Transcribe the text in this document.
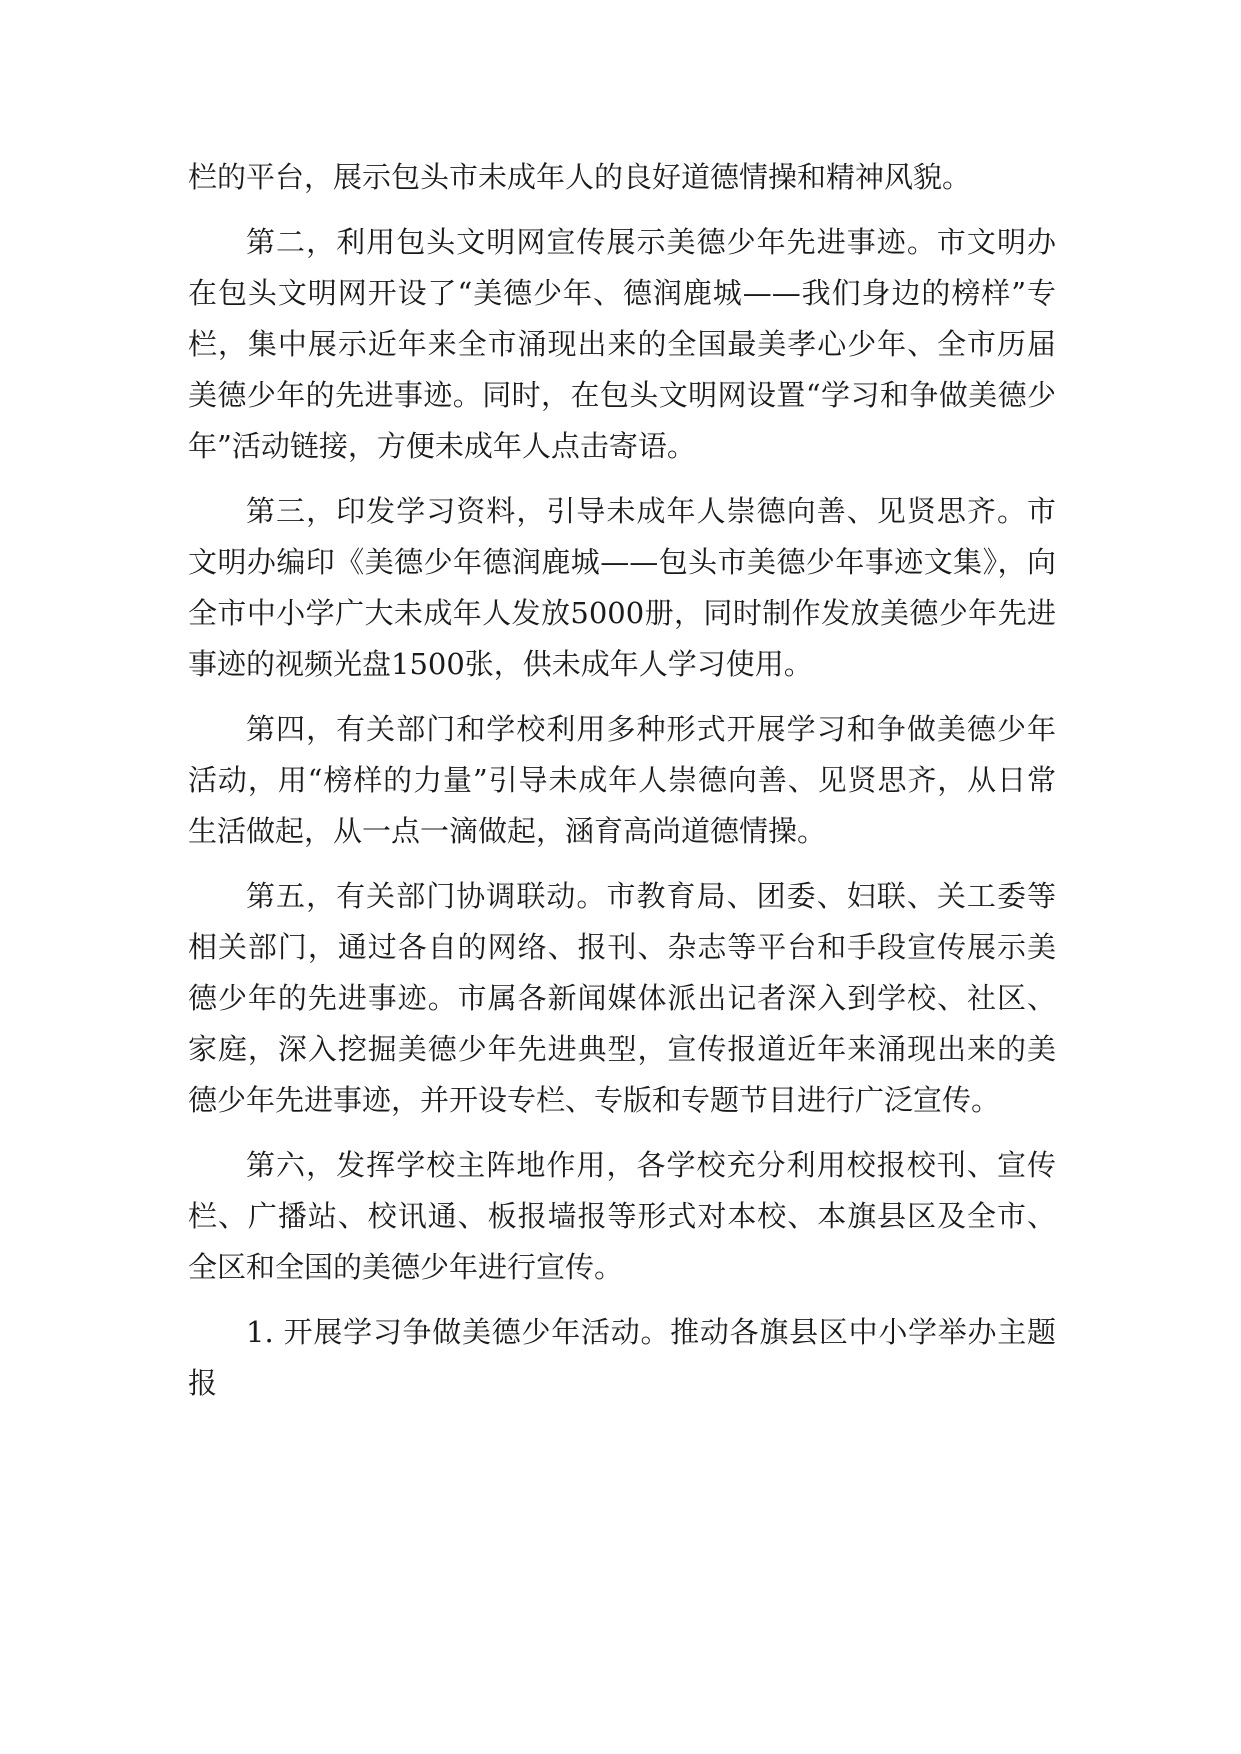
栏的平台，展示包头市未成年人的良好道德情操和精神风貌。

第二，利用包头文明网宣传展示美德少年先进事迹。市文明办在包头文明网开设了“美德少年、德润鹿城——我们身边的榜样”专栏，集中展示近年来全市涌现出来的全国最美孝心少年、全市历届美德少年的先进事迹。同时，在包头文明网设置“学习和争做美德少年”活动链接，方便未成年人点击寄语。

第三，印发学习资料，引导未成年人崇德向善、见贤思齐。市文明办编印《美德少年德润鹿城——包头市美德少年事迹文集》，向全市中小学广大未成年人发放5000册，同时制作发放美德少年先进事迹的视频光盘1500张，供未成年人学习使用。

第四，有关部门和学校利用多种形式开展学习和争做美德少年活动，用“榜样的力量”引导未成年人崇德向善、见贤思齐，从日常生活做起，从一点一滴做起，涵育高尚道德情操。

第五，有关部门协调联动。市教育局、团委、妇联、关工委等相关部门，通过各自的网络、报刊、杂志等平台和手段宣传展示美德少年的先进事迹。市属各新闻媒体派出记者深入到学校、社区、家庭，深入挖掘美德少年先进典型，宣传报道近年来涌现出来的美德少年先进事迹，并开设专栏、专版和专题节目进行广泛宣传。

第六，发挥学校主阵地作用，各学校充分利用校报校刊、宣传栏、广播站、校讯通、板报墙报等形式对本校、本旗县区及全市、全区和全国的美德少年进行宣传。

1. 开展学习争做美德少年活动。推动各旗县区中小学举办主题报
